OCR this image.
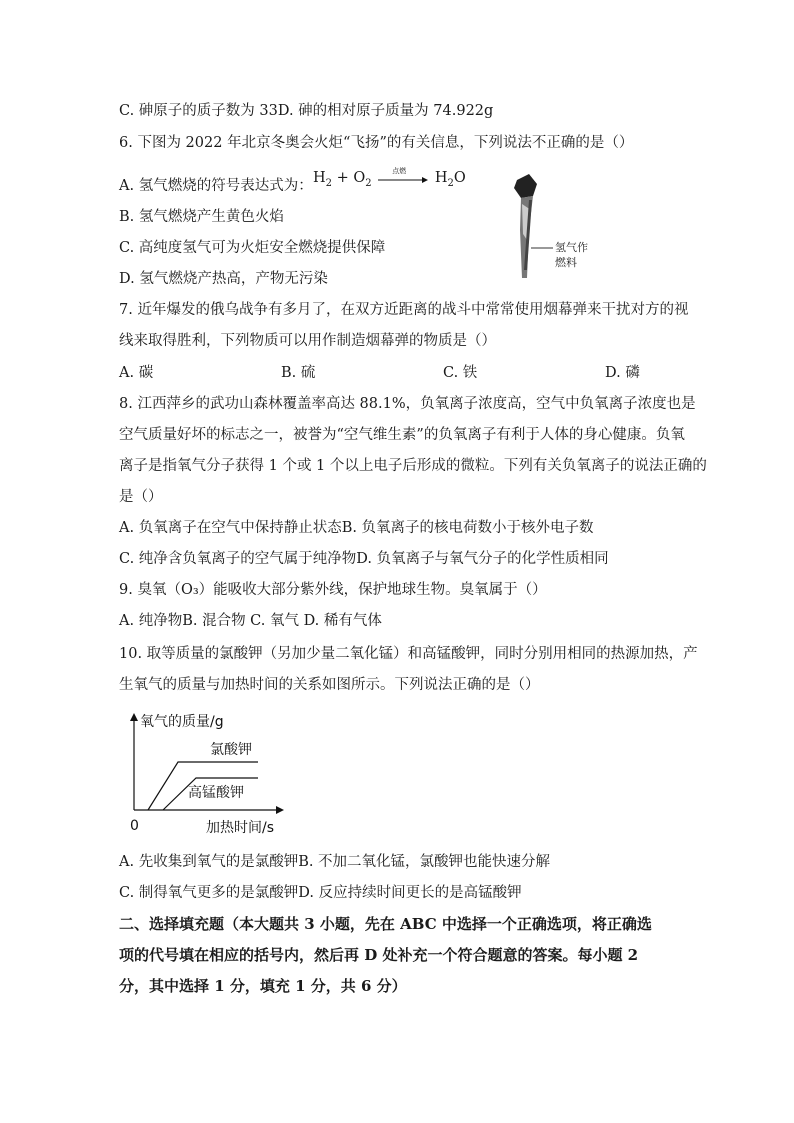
C. 砷原子的质子数为 33D. 砷的相对原子质量为 74.922g
6. 下图为 2022 年北京冬奥会火炬“飞扬”的有关信息，下列说法不正确的是（）
A. 氢气燃烧的符号表达式为： $H_2 + O_2$
点燃 $H_2O$
B. 氢气燃烧产生黄色火焰
C. 高纯度氢气可为火炬安全燃烧提供保障
D. 氢气燃烧产热高，产物无污染
氢气作
燃料
7. 近年爆发的俄乌战争有多月了，在双方近距离的战斗中常常使用烟幕弹来干扰对方的视
线来取得胜利，下列物质可以用作制造烟幕弹的物质是（）
A. 碳	B. 硫	C. 铁	D. 磷
8. 江西萍乡的武功山森林覆盖率高达 88.1%，负氧离子浓度高，空气中负氧离子浓度也是
空气质量好坏的标志之一，被誉为“空气维生素”的负氧离子有利于人体的身心健康。负氧
离子是指氧气分子获得 1 个或 1 个以上电子后形成的微粒。下列有关负氧离子的说法正确的
是（）
A. 负氧离子在空气中保持静止状态B. 负氧离子的核电荷数小于核外电子数
C. 纯净含负氧离子的空气属于纯净物D. 负氧离子与氧气分子的化学性质相同
9. 臭氧（O₃）能吸收大部分紫外线，保护地球生物。臭氧属于（）
A. 纯净物B. 混合物 C. 氧气 D. 稀有气体
10. 取等质量的氯酸钾（另加少量二氧化锰）和高锰酸钾，同时分别用相同的热源加热，产
生氧气的质量与加热时间的关系如图所示。下列说法正确的是（）
氧气的质量/g
0	加热时间/s
氯酸钾
高锰酸钾
A. 先收集到氧气的是氯酸钾B. 不加二氧化锰，氯酸钾也能快速分解
C. 制得氧气更多的是氯酸钾D. 反应持续时间更长的是高锰酸钾
二、选择填充题（本大题共 3 小题，先在 ABC 中选择一个正确选项，将正确选
项的代号填在相应的括号内，然后再 D 处补充一个符合题意的答案。每小题 2
分，其中选择 1 分，填充 1 分，共 6 分）
